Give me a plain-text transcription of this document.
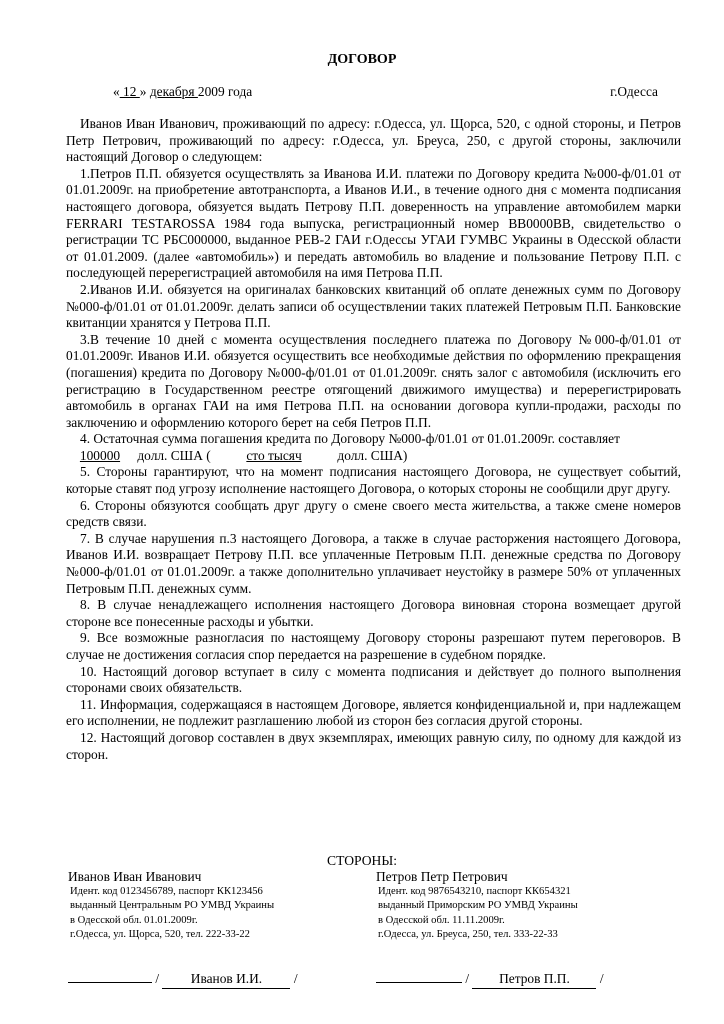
ДОГОВОР
« 12 » декабря 2009 года	г.Одесса

Иванов Иван Иванович, проживающий по адресу: г.Одесса, ул. Щорса, 520, с одной стороны, и Петров Петр Петрович, проживающий по адресу: г.Одесса, ул. Бреуса, 250, с другой стороны, заключили настоящий Договор о следующем:

1.Петров П.П. обязуется осуществлять за Иванова И.И. платежи по Договору кредита №000-ф/01.01 от 01.01.2009г. на приобретение автотранспорта, а Иванов И.И., в течение одного дня с момента подписания настоящего договора, обязуется выдать Петрову П.П. доверенность на управление автомобилем марки FERRARI TESTAROSSA 1984 года выпуска, регистрационный номер ВВ0000ВВ, свидетельство о регистрации ТС РБС000000, выданное РЕВ-2 ГАИ г.Одессы УГАИ ГУМВС Украины в Одесской области от 01.01.2009. (далее «автомобиль») и передать автомобиль во владение и пользование Петрову П.П. с последующей перерегистрацией автомобиля на имя Петрова П.П.

2.Иванов И.И. обязуется на оригиналах банковских квитанций об оплате денежных сумм по Договору №000-ф/01.01 от 01.01.2009г. делать записи об осуществлении таких платежей Петровым П.П. Банковские квитанции хранятся у Петрова П.П.

3.В течение 10 дней с момента осуществления последнего платежа по Договору №000-ф/01.01 от 01.01.2009г. Иванов И.И. обязуется осуществить все необходимые действия по оформлению прекращения (погашения) кредита по Договору №000-ф/01.01 от 01.01.2009г. снять залог с автомобиля (исключить его регистрацию в Государственном реестре отягощений движимого имущества) и перерегистрировать автомобиль в органах ГАИ на имя Петрова П.П. на основании договора купли-продажи, расходы по заключению и оформлению которого берет на себя Петров П.П.

4. Остаточная сумма погашения кредита по Договору №000-ф/01.01 от 01.01.2009г. составляет

100000 долл. США (	сто тысяч	долл. США)

5. Стороны гарантируют, что на момент подписания настоящего Договора, не существует событий, которые ставят под угрозу исполнение настоящего Договора, о которых стороны не сообщили друг другу.

6. Стороны обязуются сообщать друг другу о смене своего места жительства, а также смене номеров средств связи.

7. В случае нарушения п.3 настоящего Договора, а также в случае расторжения настоящего Договора, Иванов И.И. возвращает Петрову П.П. все уплаченные Петровым П.П. денежные средства по Договору №000-ф/01.01 от 01.01.2009г. а также дополнительно уплачивает неустойку в размере 50% от уплаченных Петровым П.П. денежных сумм.

8. В случае ненадлежащего исполнения настоящего Договора виновная сторона возмещает другой стороне все понесенные расходы и убытки.

9. Все возможные разногласия по настоящему Договору стороны разрешают путем переговоров. В случае не достижения согласия спор передается на разрешение в судебном порядке.

10. Настоящий договор вступает в силу с момента подписания и действует до полного выполнения сторонами своих обязательств.

11. Информация, содержащаяся в настоящем Договоре, является конфиденциальной и, при надлежащем его исполнении, не подлежит разглашению любой из сторон без согласия другой стороны.

12. Настоящий договор составлен в двух экземплярах, имеющих равную силу, по одному для каждой из сторон.

СТОРОНЫ:
Иванов Иван Иванович
Идент. код 0123456789, паспорт КК123456
выданный Центральным РО УМВД Украины
в Одесской обл. 01.01.2009г.
г.Одесса, ул. Щорса, 520, тел. 222-33-22
Петров Петр Петрович
Идент. код 9876543210, паспорт КК654321
выданный Приморским РО УМВД Украины
в Одесской обл. 11.11.2009г.
г.Одесса, ул. Бреуса, 250, тел. 333-22-33
/ Иванов И.И. /	/ Петров П.П. /
